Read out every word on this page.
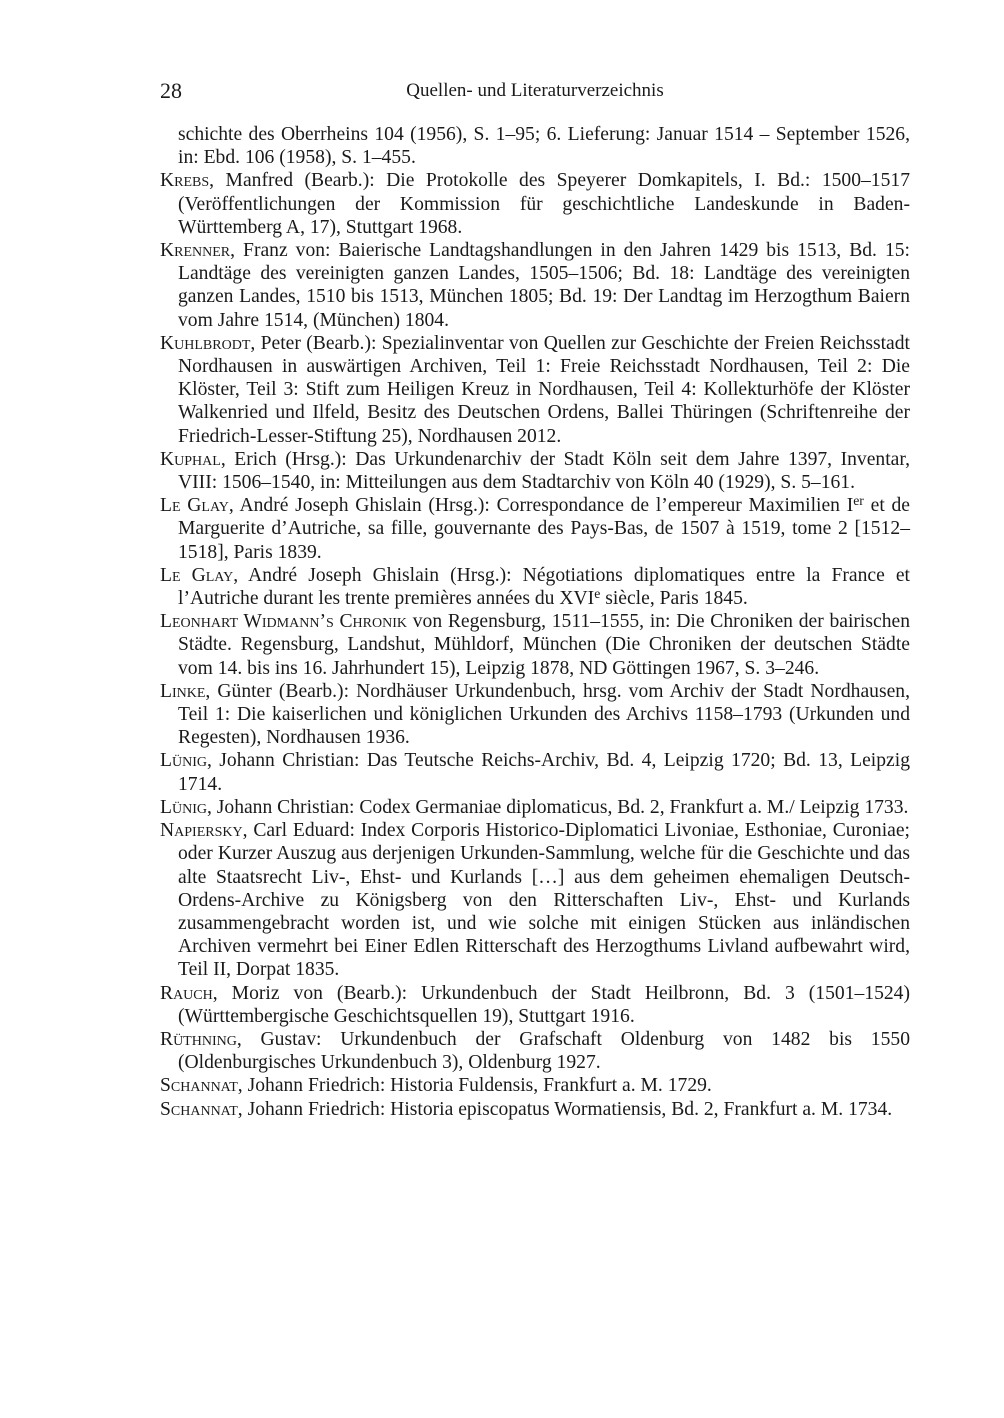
28	Quellen- und Literaturverzeichnis

schichte des Oberrheins 104 (1956), S. 1–95; 6. Lieferung: Januar 1514 – September 1526, in: Ebd. 106 (1958), S. 1–455.

Krebs, Manfred (Bearb.): Die Protokolle des Speyerer Domkapitels, I. Bd.: 1500–1517 (Veröffentlichungen der Kommission für geschichtliche Landeskunde in Baden-Württemberg A, 17), Stuttgart 1968.

Krenner, Franz von: Baierische Landtagshandlungen in den Jahren 1429 bis 1513, Bd. 15: Landtäge des vereinigten ganzen Landes, 1505–1506; Bd. 18: Landtäge des vereinigten ganzen Landes, 1510 bis 1513, München 1805; Bd. 19: Der Landtag im Herzogthum Baiern vom Jahre 1514, (München) 1804.

Kuhlbrodt, Peter (Bearb.): Spezialinventar von Quellen zur Geschichte der Freien Reichsstadt Nordhausen in auswärtigen Archiven, Teil 1: Freie Reichsstadt Nordhausen, Teil 2: Die Klöster, Teil 3: Stift zum Heiligen Kreuz in Nordhausen, Teil 4: Kollekturhöfe der Klöster Walkenried und Ilfeld, Besitz des Deutschen Ordens, Ballei Thüringen (Schriftenreihe der Friedrich-Lesser-Stiftung 25), Nordhausen 2012.

Kuphal, Erich (Hrsg.): Das Urkundenarchiv der Stadt Köln seit dem Jahre 1397, Inventar, VIII: 1506–1540, in: Mitteilungen aus dem Stadtarchiv von Köln 40 (1929), S. 5–161.

Le Glay, André Joseph Ghislain (Hrsg.): Correspondance de l’empereur Maximilien Ier et de Marguerite d’Autriche, sa fille, gouvernante des Pays-Bas, de 1507 à 1519, tome 2 [1512–1518], Paris 1839.

Le Glay, André Joseph Ghislain (Hrsg.): Négotiations diplomatiques entre la France et l’Autriche durant les trente premières années du XVIe siècle, Paris 1845.

Leonhart Widmann’s Chronik von Regensburg, 1511–1555, in: Die Chroniken der bairischen Städte. Regensburg, Landshut, Mühldorf, München (Die Chroniken der deutschen Städte vom 14. bis ins 16. Jahrhundert 15), Leipzig 1878, ND Göttingen 1967, S. 3–246.

Linke, Günter (Bearb.): Nordhäuser Urkundenbuch, hrsg. vom Archiv der Stadt Nordhausen, Teil 1: Die kaiserlichen und königlichen Urkunden des Archivs 1158–1793 (Urkunden und Regesten), Nordhausen 1936.

Lünig, Johann Christian: Das Teutsche Reichs-Archiv, Bd. 4, Leipzig 1720; Bd. 13, Leipzig 1714.

Lünig, Johann Christian: Codex Germaniae diplomaticus, Bd. 2, Frankfurt a. M./ Leipzig 1733.

Napiersky, Carl Eduard: Index Corporis Historico-Diplomatici Livoniae, Esthoniae, Curoniae; oder Kurzer Auszug aus derjenigen Urkunden-Sammlung, welche für die Geschichte und das alte Staatsrecht Liv-, Ehst- und Kurlands […] aus dem geheimen ehemaligen Deutsch-Ordens-Archive zu Königsberg von den Ritterschaften Liv-, Ehst- und Kurlands zusammengebracht worden ist, und wie solche mit einigen Stücken aus inländischen Archiven vermehrt bei Einer Edlen Ritterschaft des Herzogthums Livland aufbewahrt wird, Teil II, Dorpat 1835.

Rauch, Moriz von (Bearb.): Urkundenbuch der Stadt Heilbronn, Bd. 3 (1501–1524) (Württembergische Geschichtsquellen 19), Stuttgart 1916.

Rüthning, Gustav: Urkundenbuch der Grafschaft Oldenburg von 1482 bis 1550 (Oldenburgisches Urkundenbuch 3), Oldenburg 1927.

Schannat, Johann Friedrich: Historia Fuldensis, Frankfurt a. M. 1729.

Schannat, Johann Friedrich: Historia episcopatus Wormatiensis, Bd. 2, Frankfurt a. M. 1734.
